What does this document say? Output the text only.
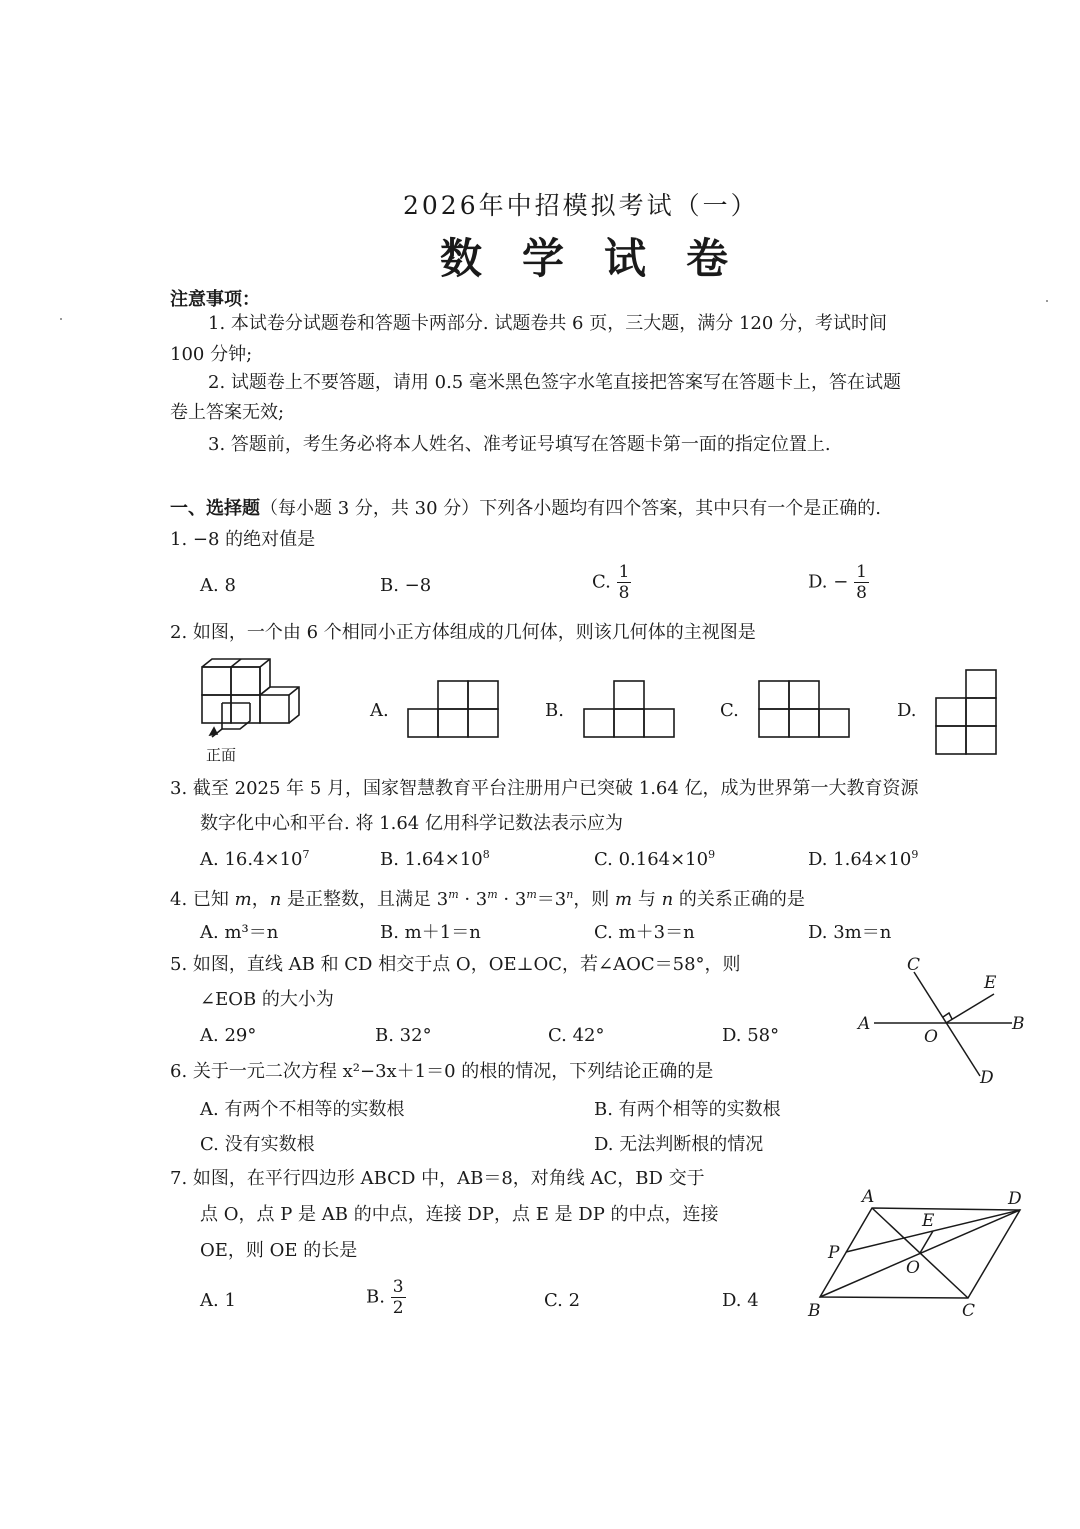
2026年中招模拟考试（一）
数学试卷
注意事项：
1. 本试卷分试题卷和答题卡两部分. 试题卷共 6 页，三大题，满分 120 分，考试时间
100 分钟;
2. 试题卷上不要答题，请用 0.5 毫米黑色签字水笔直接把答案写在答题卡上，答在试题
卷上答案无效;
3. 答题前，考生务必将本人姓名、准考证号填写在答题卡第一面的指定位置上.
一、选择题（每小题 3 分，共 30 分）下列各小题均有四个答案，其中只有一个是正确的.
1. −8 的绝对值是
A. 8	B. −8	C. $\frac{1}{8}$	D. − $\frac{1}{8}$
2. 如图，一个由 6 个相同小正方体组成的几何体，则该几何体的主视图是
正面
A.	B.	C.	D.
3. 截至 2025 年 5 月，国家智慧教育平台注册用户已突破 1.64 亿，成为世界第一大教育资源
数字化中心和平台. 将 1.64 亿用科学记数法表示应为
A. $16.4\times 10^7$	B. $1.64\times 10^8$	C. $0.164\times 10^9$	D. $1.64\times 10^9$
4. 已知 m，n 是正整数，且满足 $3^m \cdot 3^m \cdot 3^m=3^n$，则 m 与 n 的关系正确的是
A. m³＝n	B. m＋1＝n	C. m＋3＝n	D. 3m＝n
5. 如图，直线 AB 和 CD 相交于点 O，OE⊥OC，若∠AOC＝58°，则
∠EOB 的大小为
A. 29°	B. 32°	C. 42°	D. 58°
C
E
A	B
O
D
6. 关于一元二次方程 x²−3x＋1＝0 的根的情况，下列结论正确的是
A. 有两个不相等的实数根	B. 有两个相等的实数根
C. 没有实数根	D. 无法判断根的情况
7. 如图，在平行四边形 ABCD 中，AB＝8，对角线 AC，BD 交于
点 O，点 P 是 AB 的中点，连接 DP，点 E 是 DP 的中点，连接
OE，则 OE 的长是
A. 1	B. $\frac{3}{2}$	C. 2	D. 4
A	D
E
P
O
B	C
